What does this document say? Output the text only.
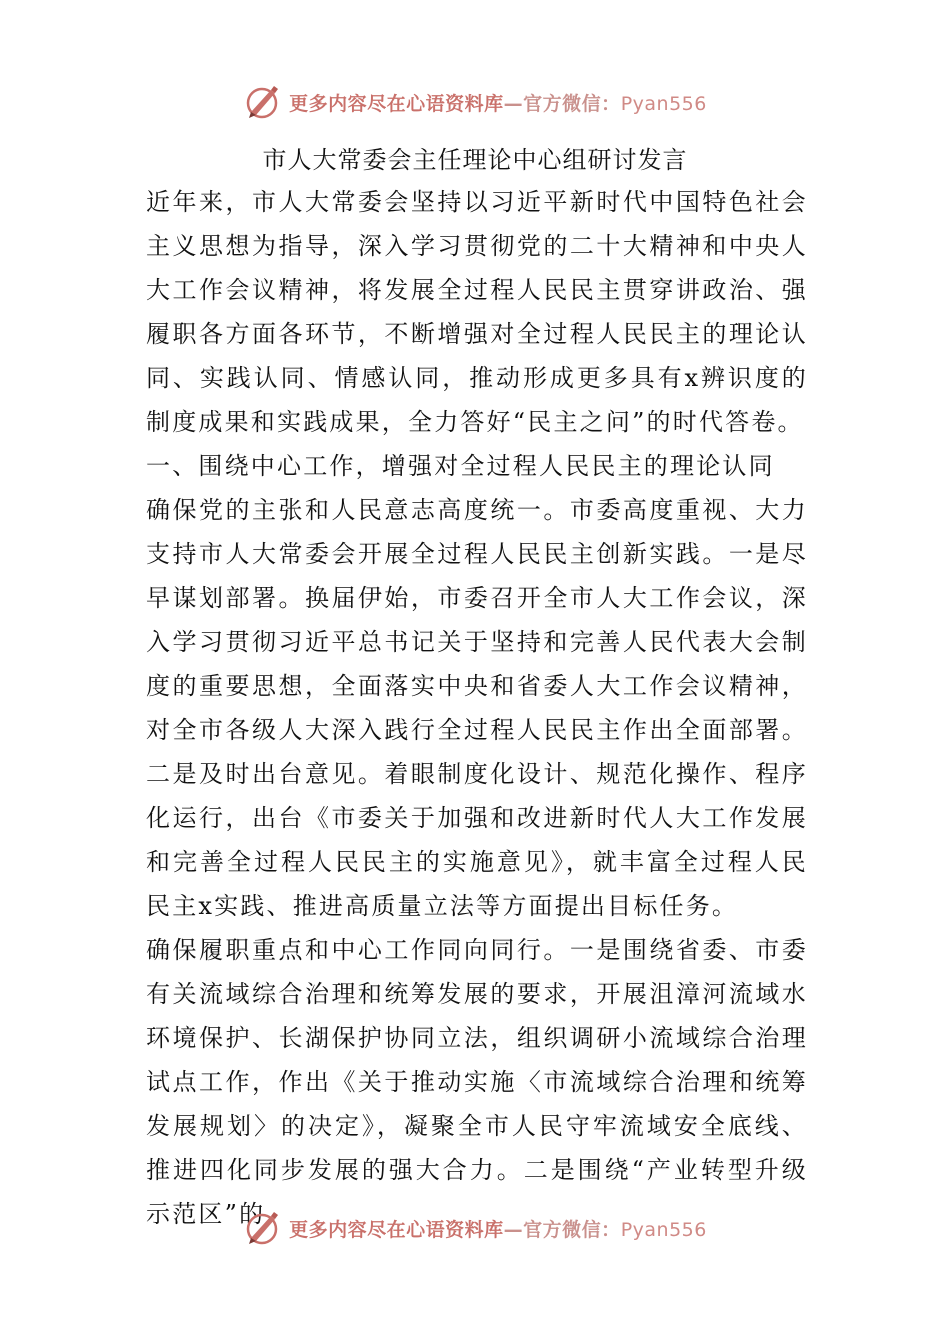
更多内容尽在心语资料库—官方微信：Pyan556
市人大常委会主任理论中心组研讨发言

近年来，市人大常委会坚持以习近平新时代中国特色社会主义思想为指导，深入学习贯彻党的二十大精神和中央人大工作会议精神，将发展全过程人民民主贯穿讲政治、强履职各方面各环节，不断增强对全过程人民民主的理论认同、实践认同、情感认同，推动形成更多具有x辨识度的制度成果和实践成果，全力答好“民主之问”的时代答卷。

一、围绕中心工作，增强对全过程人民民主的理论认同

确保党的主张和人民意志高度统一。市委高度重视、大力支持市人大常委会开展全过程人民民主创新实践。一是尽早谋划部署。换届伊始，市委召开全市人大工作会议，深入学习贯彻习近平总书记关于坚持和完善人民代表大会制度的重要思想，全面落实中央和省委人大工作会议精神，对全市各级人大深入践行全过程人民民主作出全面部署。二是及时出台意见。着眼制度化设计、规范化操作、程序化运行，出台《市委关于加强和改进新时代人大工作发展和完善全过程人民民主的实施意见》，就丰富全过程人民民主x实践、推进高质量立法等方面提出目标任务。

确保履职重点和中心工作同向同行。一是围绕省委、市委有关流域综合治理和统筹发展的要求，开展沮漳河流域水环境保护、长湖保护协同立法，组织调研小流域综合治理试点工作，作出《关于推动实施〈市流域综合治理和统筹发展规划〉的决定》，凝聚全市人民守牢流域安全底线、推进四化同步发展的强大合力。二是围绕“产业转型升级示范区”的

更多内容尽在心语资料库—官方微信：Pyan556
